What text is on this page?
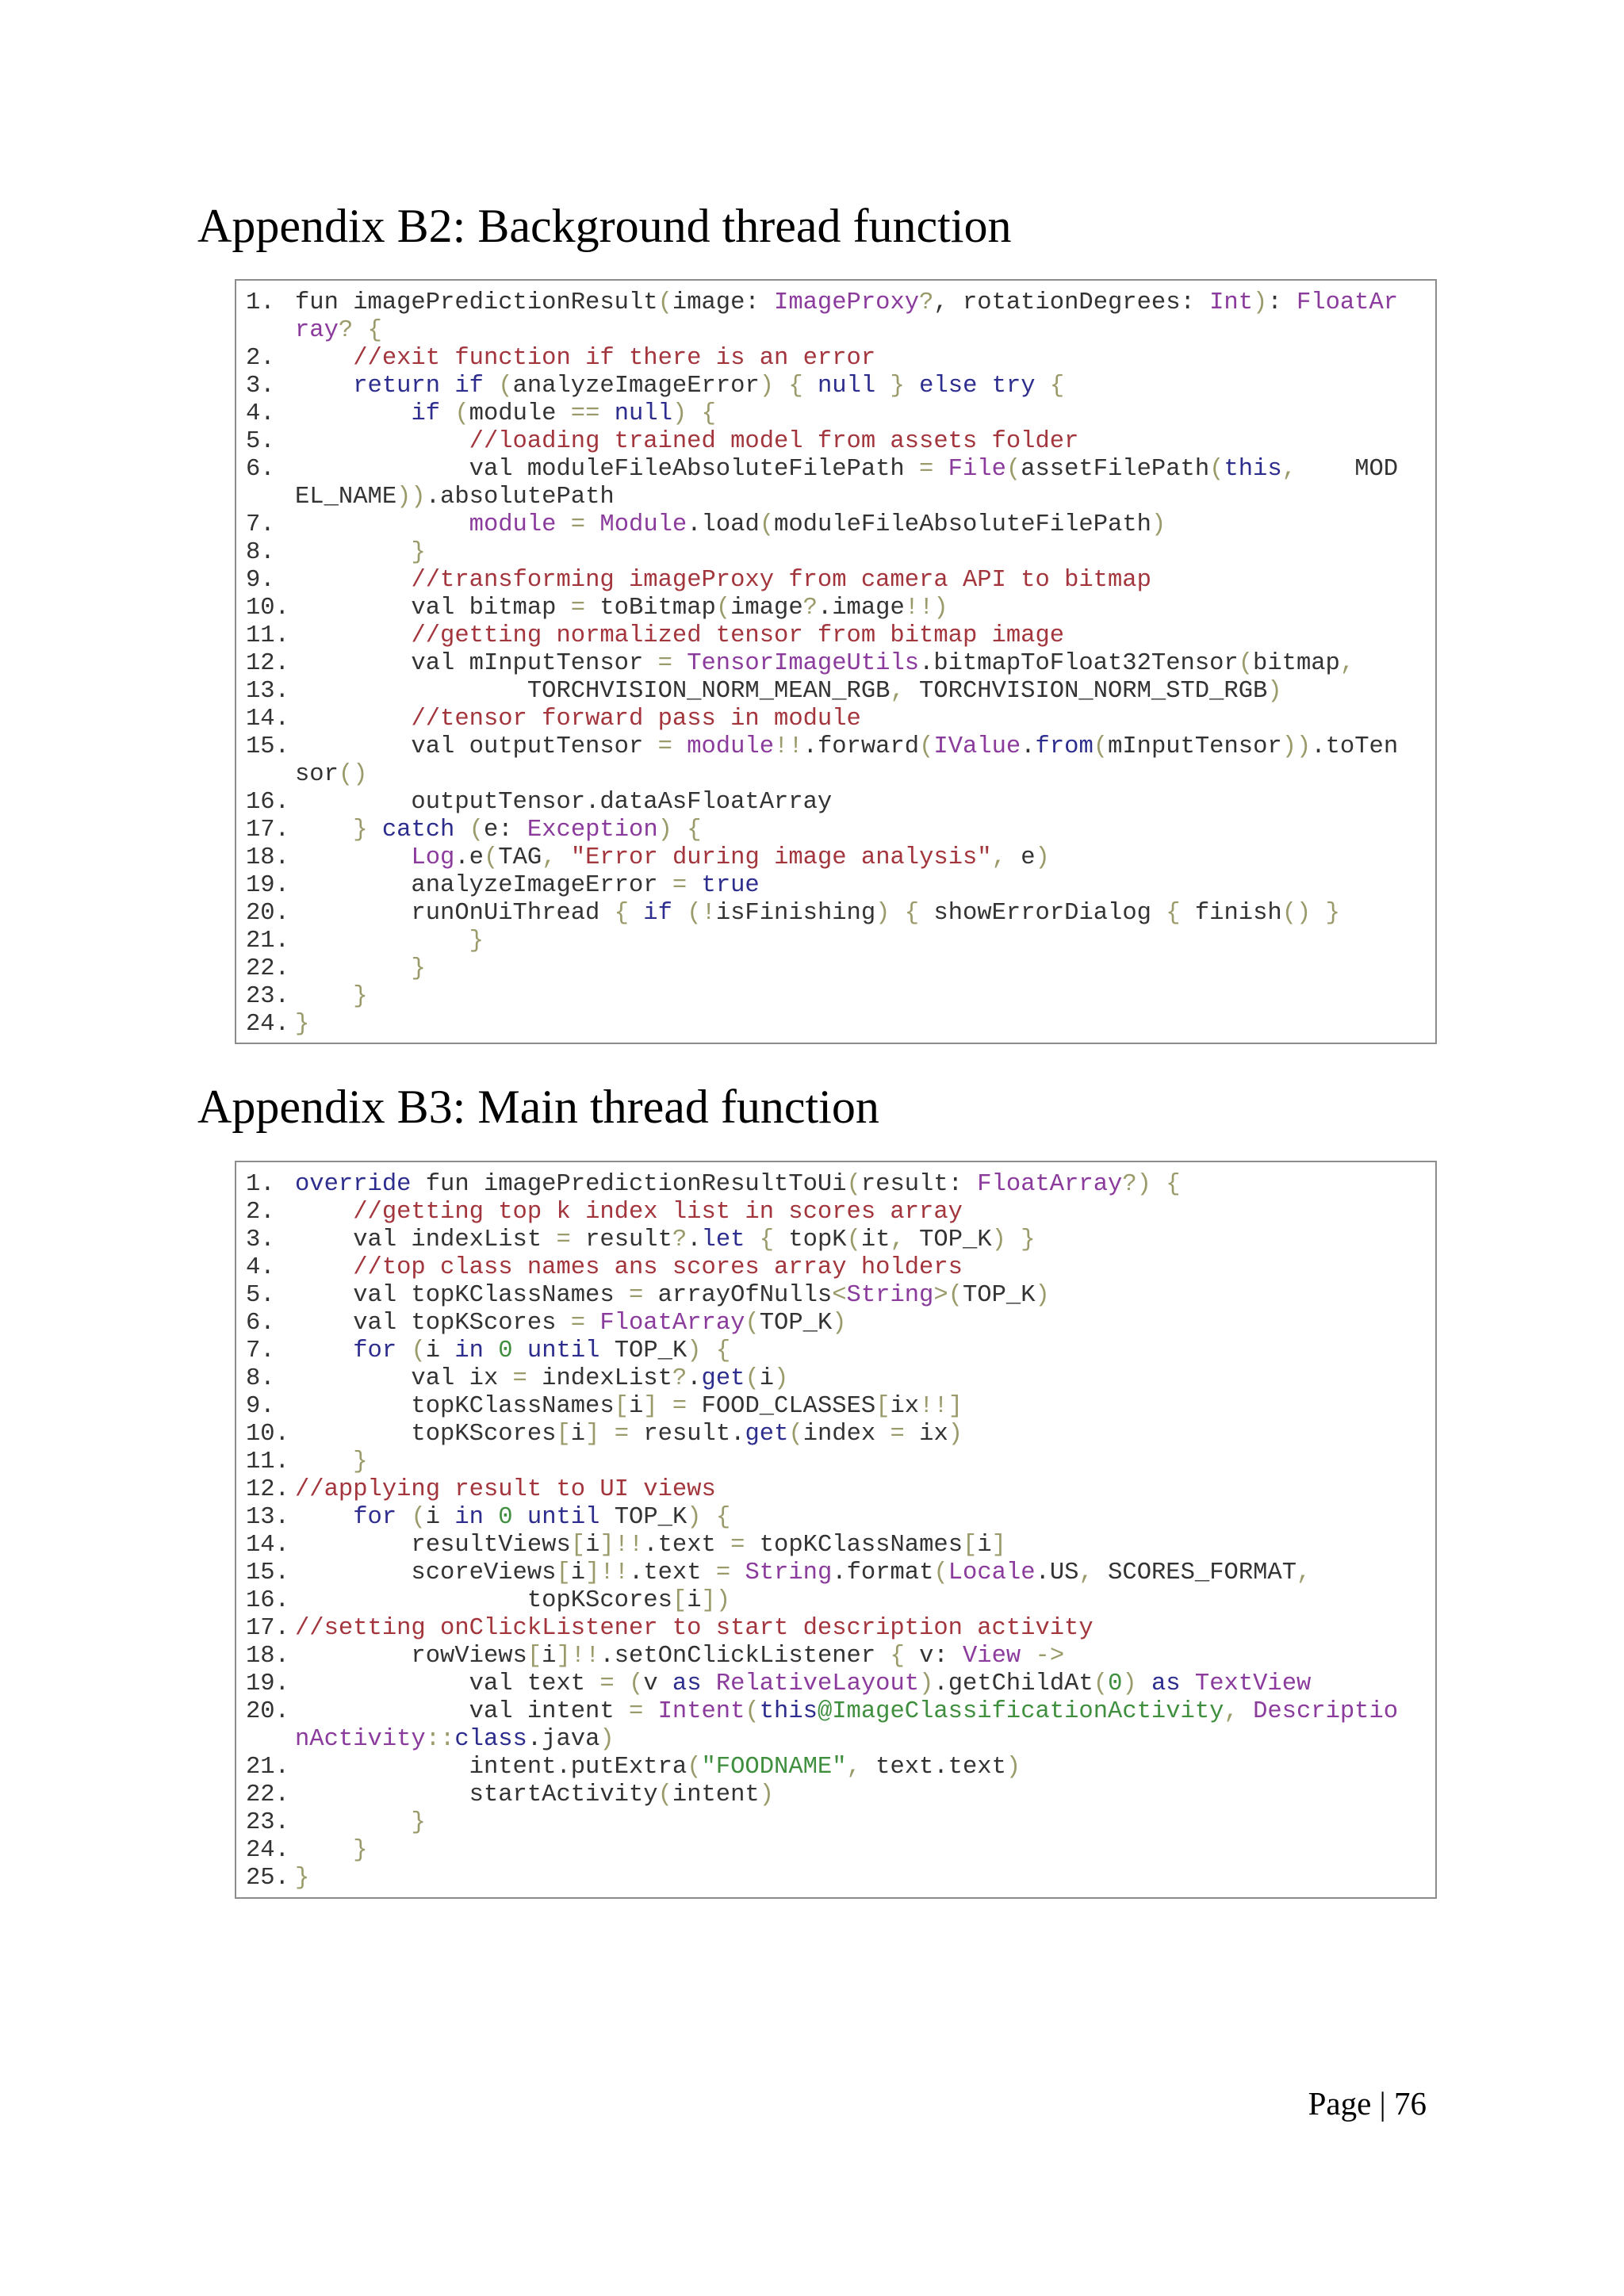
Appendix B2: Background thread function
1. fun imagePredictionResult(image: ImageProxy?, rotationDegrees: Int): FloatAr
ray? {
2.	//exit function if there is an error
3.	return if (analyzeImageError) { null } else try {
4.	if (module == null) {
5.	//loading trained model from assets folder
6. val moduleFileAbsoluteFilePath = File(assetFilePath(this,    MOD
EL_NAME)).absolutePath
7.	module = Module.load(moduleFileAbsoluteFilePath)
8.	}
9.	//transforming imageProxy from camera API to bitmap
10. val bitmap = toBitmap(image?.image!!)
11.	//getting normalized tensor from bitmap image
12. val mInputTensor = TensorImageUtils.bitmapToFloat32Tensor(bitmap,
13. TORCHVISION_NORM_MEAN_RGB, TORCHVISION_NORM_STD_RGB)
14.	//tensor forward pass in module
15. val outputTensor = module!!.forward(IValue.from(mInputTensor)).toTen
sor()
16. outputTensor.dataAsFloatArray
17.	} catch (e: Exception) {
18.	Log.e(TAG, "Error during image analysis", e)
19. analyzeImageError = true
20. runOnUiThread { if (!isFinishing) { showErrorDialog { finish() }
21.	}
22.	}
23.	}
24. }
Appendix B3: Main thread function
1. override fun imagePredictionResultToUi(result: FloatArray?) {
2.	//getting top k index list in scores array
3. val indexList = result?.let { topK(it, TOP_K) }
4.	//top class names ans scores array holders
5. val topKClassNames = arrayOfNulls<String>(TOP_K)
6. val topKScores = FloatArray(TOP_K)
7.	for (i in 0 until TOP_K) {
8. val ix = indexList?.get(i)
9. topKClassNames[i] = FOOD_CLASSES[ix!!]
10. topKScores[i] = result.get(index = ix)
11.	}
12. //applying result to UI views
13.	for (i in 0 until TOP_K) {
14. resultViews[i]!!.text = topKClassNames[i]
15. scoreViews[i]!!.text = String.format(Locale.US, SCORES_FORMAT,
16. topKScores[i])
17. //setting onClickListener to start description activity
18. rowViews[i]!!.setOnClickListener { v: View ->
19. val text = (v as RelativeLayout).getChildAt(0) as TextView
20. val intent = Intent(this@ImageClassificationActivity, Descriptio
nActivity::class.java)
21. intent.putExtra("FOODNAME", text.text)
22. startActivity(intent)
23.	}
24.	}
25. }
Page | 76
